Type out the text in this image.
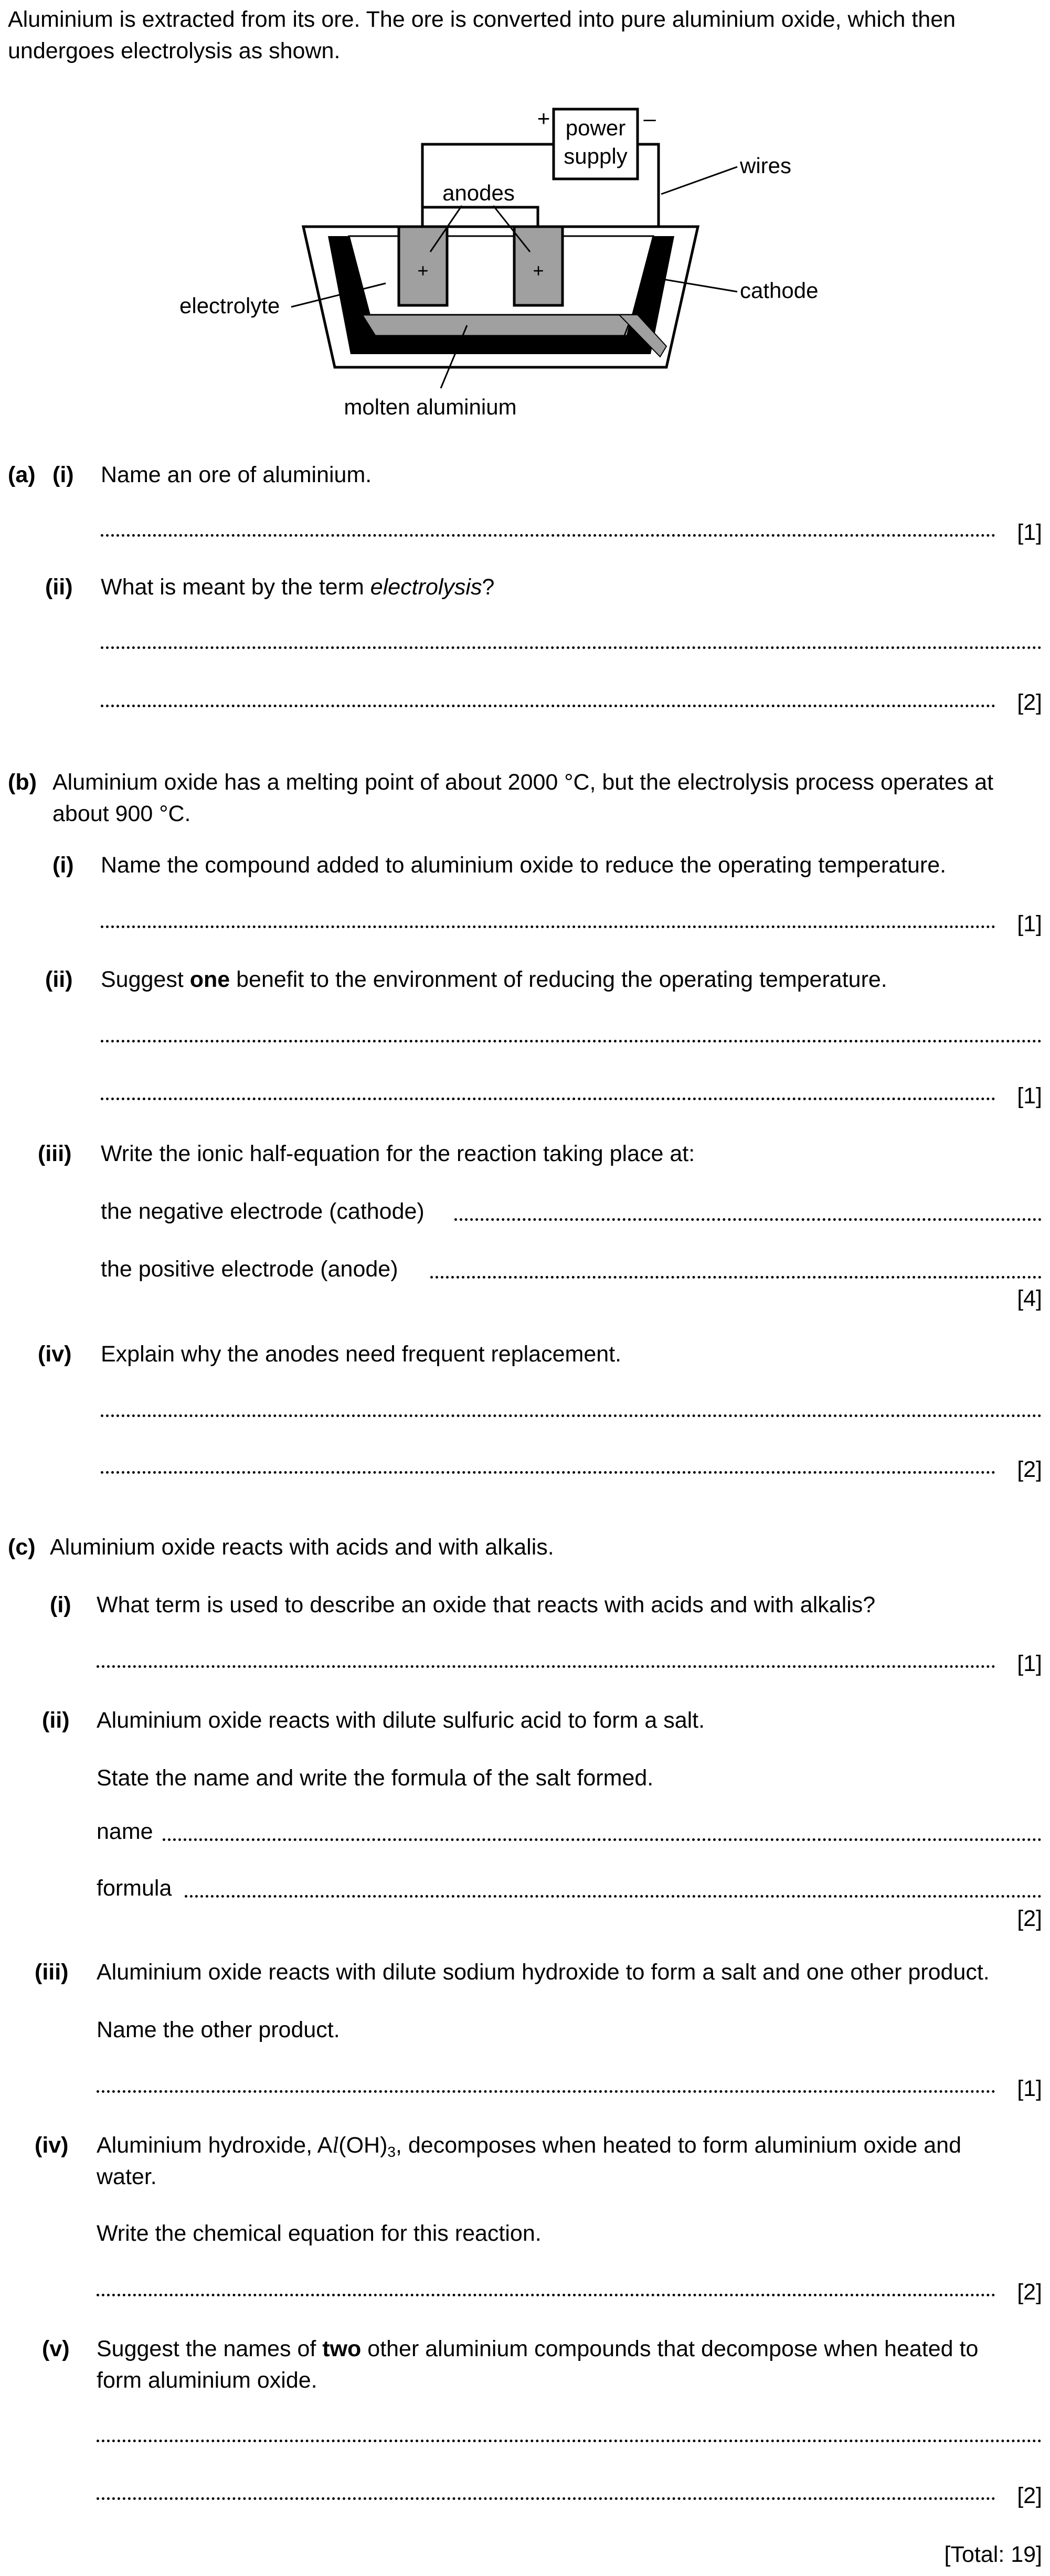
Aluminium is extracted from its ore. The ore is converted into pure aluminium oxide, which then
undergoes electrolysis as shown.
power
supply
+	–
+	+
anodes
wires
cathode
electrolyte
molten aluminium
(a) (i) Name an ore of aluminium.
[1]
(ii) What is meant by the term electrolysis?
[2]
(b) Aluminium oxide has a melting point of about 2000 °C, but the electrolysis process operates at
about 900 °C.
(i) Name the compound added to aluminium oxide to reduce the operating temperature.
[1]
(ii) Suggest one benefit to the environment of reducing the operating temperature.
[1]
(iii) Write the ionic half-equation for the reaction taking place at:
the negative electrode (cathode)
the positive electrode (anode)
[4]
(iv) Explain why the anodes need frequent replacement.
[2]
(c) Aluminium oxide reacts with acids and with alkalis.
(i) What term is used to describe an oxide that reacts with acids and with alkalis?
[1]
(ii) Aluminium oxide reacts with dilute sulfuric acid to form a salt.
State the name and write the formula of the salt formed.
name
formula
[2]
(iii) Aluminium oxide reacts with dilute sodium hydroxide to form a salt and one other product.
Name the other product.
[1]
(iv) Aluminium hydroxide, $Al(OH)_3$, decomposes when heated to form aluminium oxide and
water.
Write the chemical equation for this reaction.
[2]
(v) Suggest the names of two other aluminium compounds that decompose when heated to
form aluminium oxide.
[2]
[Total: 19]
